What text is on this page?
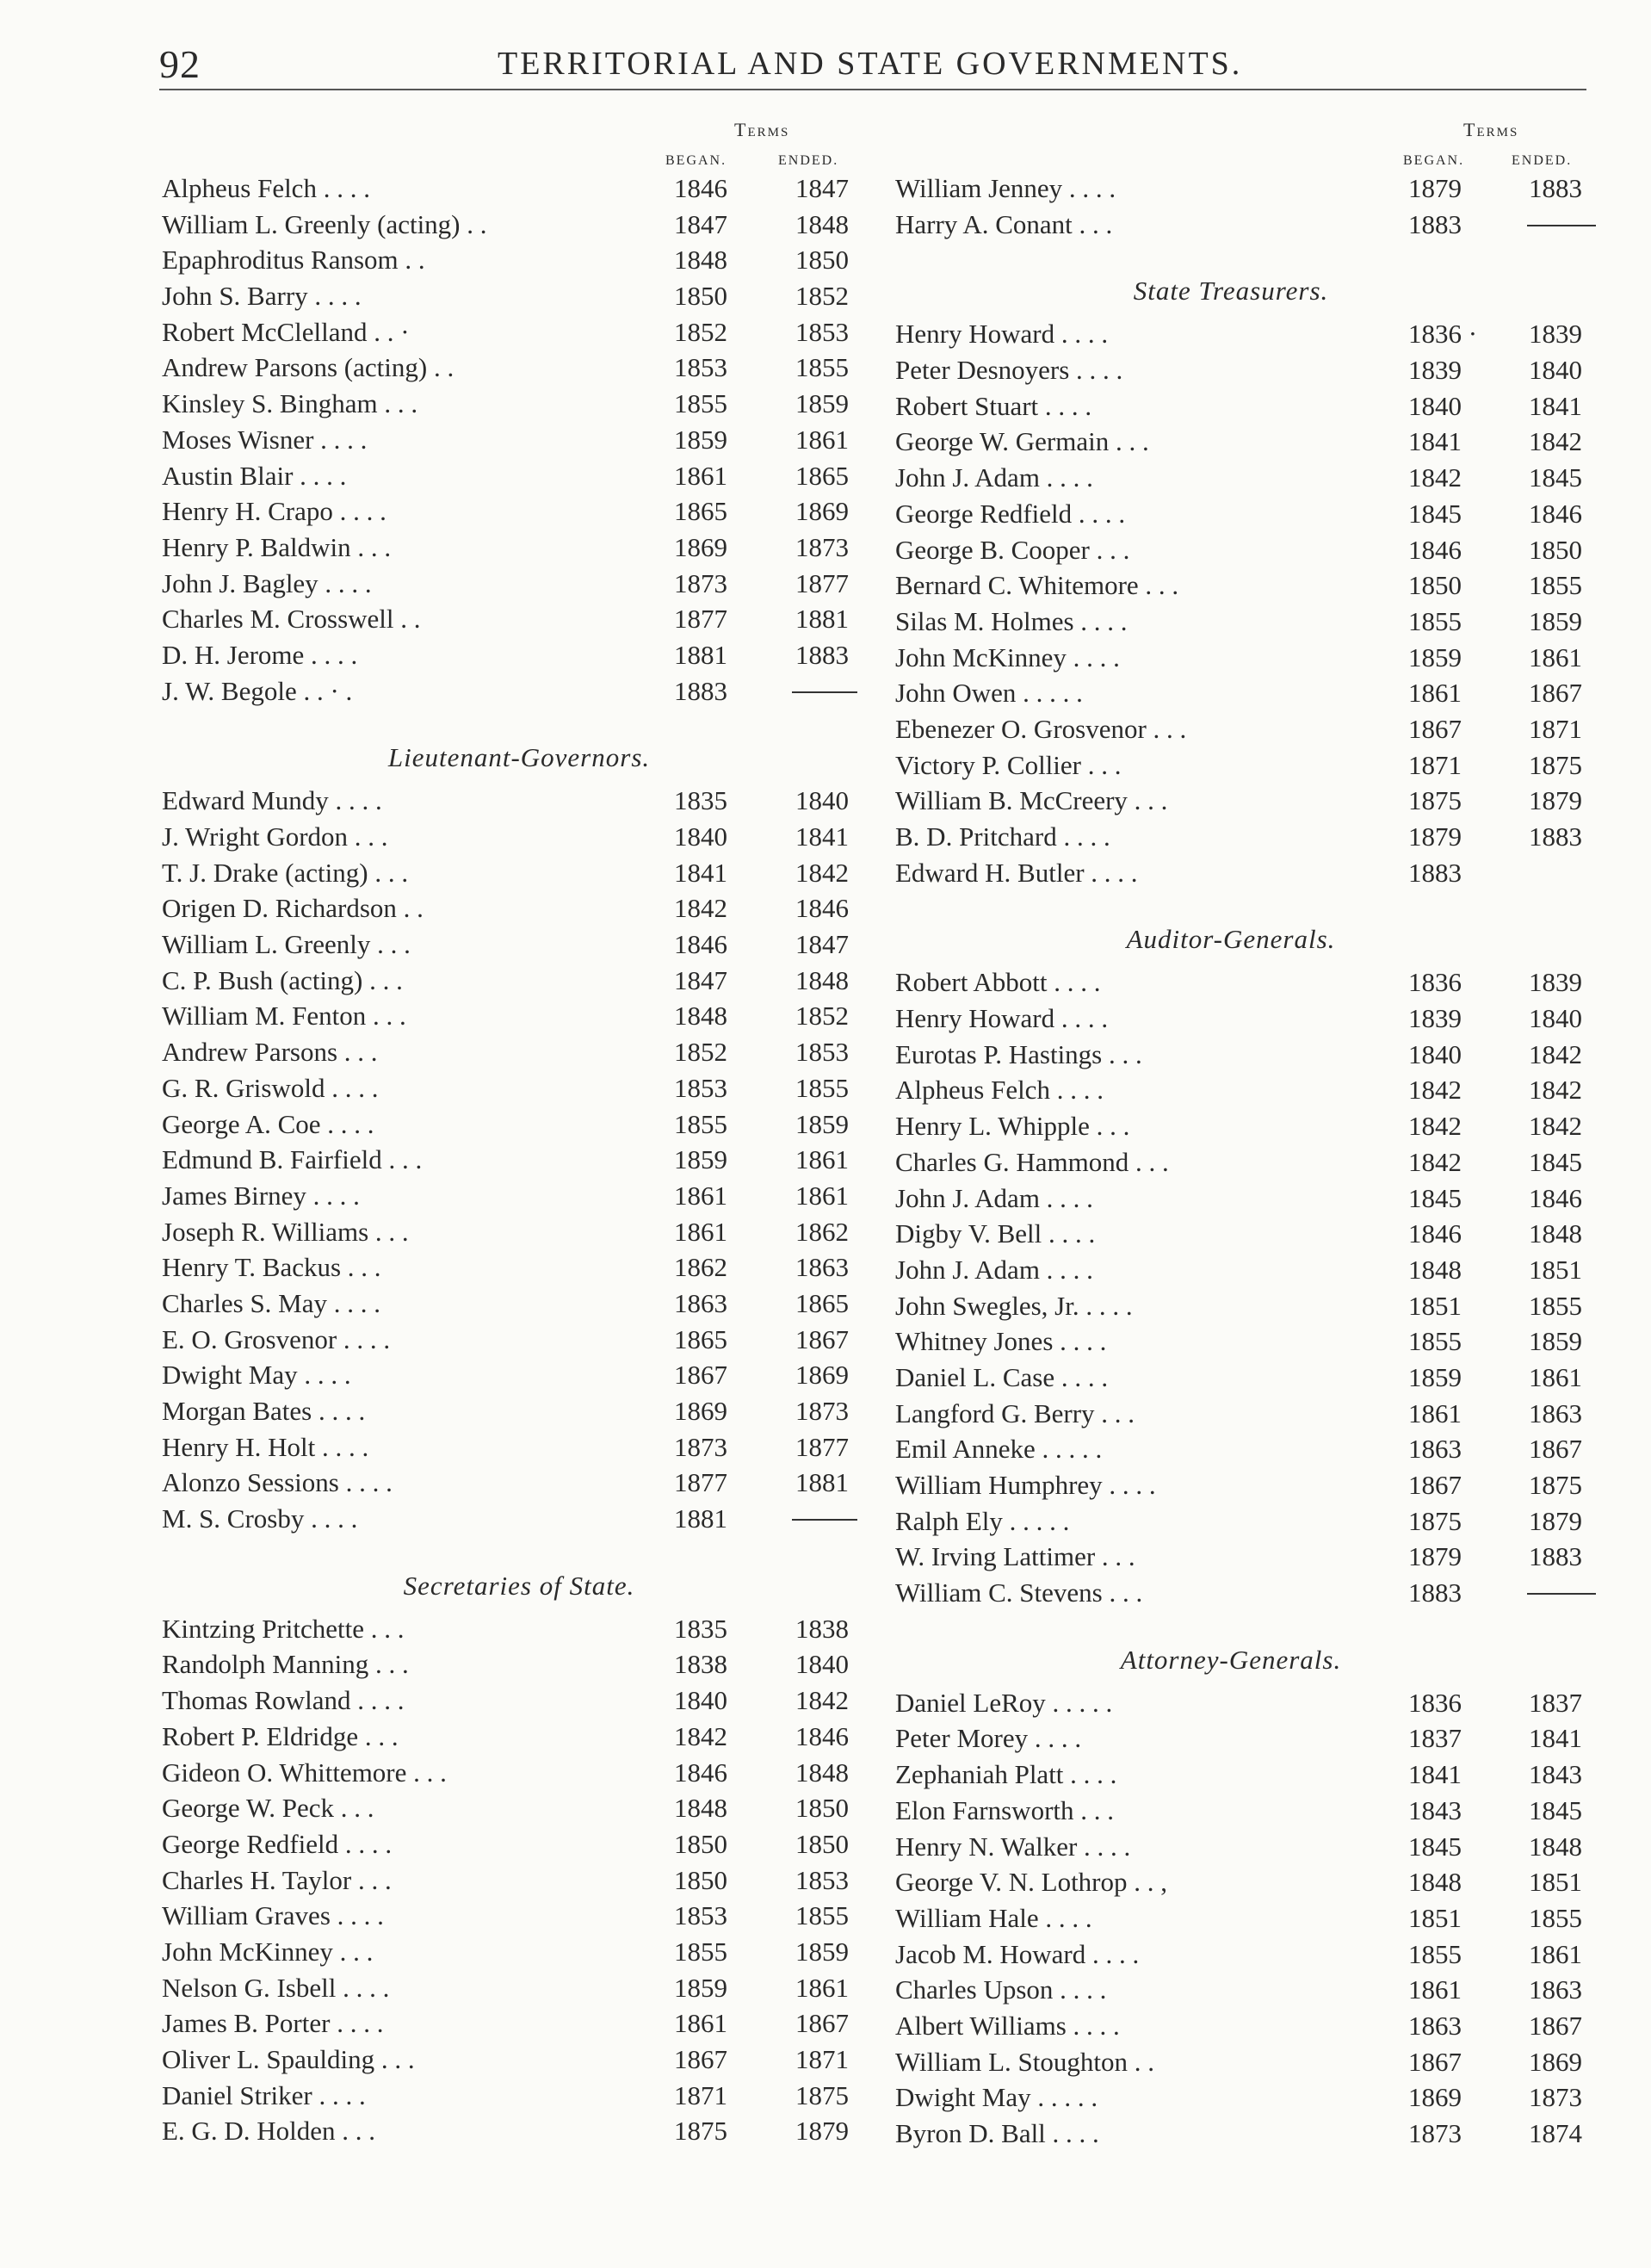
92	TERRITORIAL AND STATE GOVERNMENTS.
Terms
BEGAN.	ENDED.
Alpheus Felch . . . .	1846	1847
William L. Greenly (acting) . .	1847	1848
Epaphroditus Ransom . .	1848	1850
John S. Barry . . . .	1850	1852
Robert McClelland . . ·	1852	1853
Andrew Parsons (acting) . .	1853	1855
Kinsley S. Bingham . . .	1855	1859
Moses Wisner . . . .	1859	1861
Austin Blair . . . .	1861	1865
Henry H. Crapo . . . .	1865	1869
Henry P. Baldwin . . .	1869	1873
John J. Bagley . . . .	1873	1877
Charles M. Crosswell . .	1877	1881
D. H. Jerome . . . .	1881	1883
J. W. Begole . . · .	1883
Lieutenant-Governors.
Edward Mundy . . . .	1835	1840
J. Wright Gordon . . .	1840	1841
T. J. Drake (acting) . . .	1841	1842
Origen D. Richardson . .	1842	1846
William L. Greenly . . .	1846	1847
C. P. Bush (acting) . . .	1847	1848
William M. Fenton . . .	1848	1852
Andrew Parsons . . .	1852	1853
G. R. Griswold . . . .	1853	1855
George A. Coe . . . .	1855	1859
Edmund B. Fairfield . . .	1859	1861
James Birney . . . .	1861	1861
Joseph R. Williams . . .	1861	1862
Henry T. Backus . . .	1862	1863
Charles S. May . . . .	1863	1865
E. O. Grosvenor . . . .	1865	1867
Dwight May . . . .	1867	1869
Morgan Bates . . . .	1869	1873
Henry H. Holt . . . .	1873	1877
Alonzo Sessions . . . .	1877	1881
M. S. Crosby . . . .	1881
Secretaries of State.
Kintzing Pritchette . . .	1835	1838
Randolph Manning . . .	1838	1840
Thomas Rowland . . . .	1840	1842
Robert P. Eldridge . . .	1842	1846
Gideon O. Whittemore . . .	1846	1848
George W. Peck . . .	1848	1850
George Redfield . . . .	1850	1850
Charles H. Taylor . . .	1850	1853
William Graves . . . .	1853	1855
John McKinney . . .	1855	1859
Nelson G. Isbell . . . .	1859	1861
James B. Porter . . . .	1861	1867
Oliver L. Spaulding . . .	1867	1871
Daniel Striker . . . .	1871	1875
E. G. D. Holden . . .	1875	1879
Terms
BEGAN.	ENDED.
William Jenney . . . .	1879	1883
Harry A. Conant . . .	1883
State Treasurers.
Henry Howard . . . .	1836 · 1839
Peter Desnoyers . . . .	1839	1840
Robert Stuart . . . .	1840	1841
George W. Germain . . .	1841	1842
John J. Adam . . . .	1842	1845
George Redfield . . . .	1845	1846
George B. Cooper . . .	1846	1850
Bernard C. Whitemore . . .	1850	1855
Silas M. Holmes . . . .	1855	1859
John McKinney . . . .	1859	1861
John Owen . . . . .	1861	1867
Ebenezer O. Grosvenor . . .	1867	1871
Victory P. Collier . . .	1871	1875
William B. McCreery . . .	1875	1879
B. D. Pritchard . . . .	1879	1883
Edward H. Butler . . . .	1883
Auditor-Generals.
Robert Abbott . . . .	1836	1839
Henry Howard . . . .	1839	1840
Eurotas P. Hastings . . .	1840	1842
Alpheus Felch . . . .	1842	1842
Henry L. Whipple . . .	1842	1842
Charles G. Hammond . . .	1842	1845
John J. Adam . . . .	1845	1846
Digby V. Bell . . . .	1846	1848
John J. Adam . . . .	1848	1851
John Swegles, Jr. . . . .	1851	1855
Whitney Jones . . . .	1855	1859
Daniel L. Case . . . .	1859	1861
Langford G. Berry . . .	1861	1863
Emil Anneke . . . . .	1863	1867
William Humphrey . . . .	1867	1875
Ralph Ely . . . . .	1875	1879
W. Irving Lattimer . . .	1879	1883
William C. Stevens . . .	1883
Attorney-Generals.
Daniel LeRoy . . . . .	1836	1837
Peter Morey . . . .	1837	1841
Zephaniah Platt . . . .	1841	1843
Elon Farnsworth . . .	1843	1845
Henry N. Walker . . . .	1845	1848
George V. N. Lothrop . . ,	1848	1851
William Hale . . . .	1851	1855
Jacob M. Howard . . . .	1855	1861
Charles Upson . . . .	1861	1863
Albert Williams . . . .	1863	1867
William L. Stoughton . .	1867	1869
Dwight May . . . . .	1869	1873
Byron D. Ball . . . .	1873	1874
